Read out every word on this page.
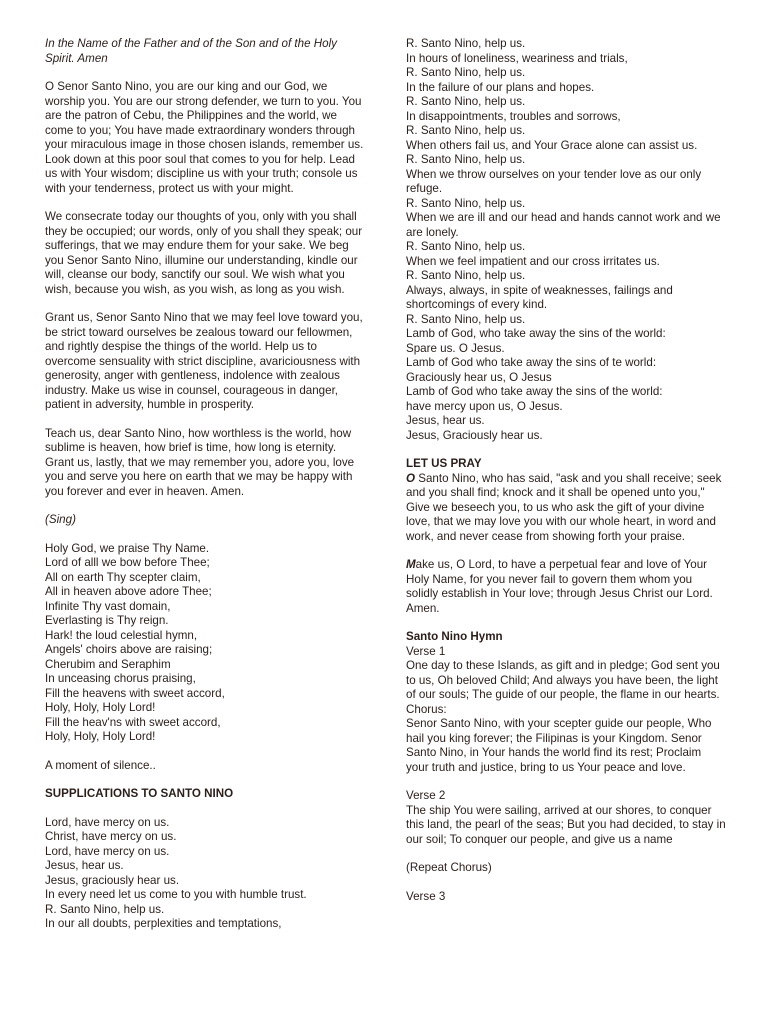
In the Name of the Father and of the Son and of the Holy Spirit. Amen

O Senor Santo Nino, you are our king and our God, we worship you. You are our strong defender, we turn to you. You are the patron of Cebu, the Philippines and the world, we come to you; You have made extraordinary wonders through your miraculous image in those chosen islands, remember us. Look down at this poor soul that comes to you for help. Lead us with Your wisdom; discipline us with your truth; console us with your tenderness, protect us with your might.

We consecrate today our thoughts of you, only with you shall they be occupied; our words, only of you shall they speak; our sufferings, that we may endure them for your sake. We beg you Senor Santo Nino, illumine our understanding, kindle our will, cleanse our body, sanctify our soul. We wish what you wish, because you wish, as you wish, as long as you wish.

Grant us, Senor Santo Nino that we may feel love toward you, be strict toward ourselves be zealous toward our fellowmen, and rightly despise the things of the world. Help us to overcome sensuality with strict discipline, avariciousness with generosity, anger with gentleness, indolence with zealous industry. Make us wise in counsel, courageous in danger, patient in adversity, humble in prosperity.

Teach us, dear Santo Nino, how worthless is the world, how sublime is heaven, how brief is time, how long is eternity. Grant us, lastly, that we may remember you, adore you, love you and serve you here on earth that we may be happy with you forever and ever in heaven. Amen.

(Sing)

Holy God, we praise Thy Name.
Lord of alll we bow before Thee;
All on earth Thy scepter claim,
All in heaven above adore Thee;
Infinite Thy vast domain,
Everlasting is Thy reign.
Hark! the loud celestial hymn,
Angels' choirs above are raising;
Cherubim and Seraphim
In unceasing chorus praising,
Fill the heavens with sweet accord,
Holy, Holy, Holy Lord!
Fill the heav'ns with sweet accord,
Holy, Holy, Holy Lord!

A moment of silence..

SUPPLICATIONS TO SANTO NINO

Lord, have mercy on us.
Christ, have mercy on us.
Lord, have mercy on us.
Jesus, hear us.
Jesus, graciously hear us.
In every need let us come to you with humble trust.
R. Santo Nino, help us.
In our all doubts, perplexities and temptations,
R. Santo Nino, help us.
In hours of loneliness, weariness and trials,
R. Santo Nino, help us.
In the failure of our plans and hopes.
R. Santo Nino, help us.
In disappointments, troubles and sorrows,
R. Santo Nino, help us.
When others fail us, and Your Grace alone can assist us.
R. Santo Nino, help us.
When we throw ourselves on your tender love as our only refuge.
R. Santo Nino, help us.
When we are ill and our head and hands cannot work and we are lonely.
R. Santo Nino, help us.
When we feel impatient and our cross irritates us.
R. Santo Nino, help us.
Always, always, in spite of weaknesses, failings and shortcomings of every kind.
R. Santo Nino, help us.
Lamb of God, who take away the sins of the world:
Spare us. O Jesus.
Lamb of God who take away the sins of te world:
Graciously hear us, O Jesus
Lamb of God who take away the sins of the world:
have mercy upon us, O Jesus.
Jesus, hear us.
Jesus, Graciously hear us.

LET US PRAY

O Santo Nino, who has said, "ask and you shall receive; seek and you shall find; knock and it shall be opened unto you," Give we beseech you, to us who ask the gift of your divine love, that we may love you with our whole heart, in word and work, and never cease from showing forth your praise.

Make us, O Lord, to have a perpetual fear and love of Your Holy Name, for you never fail to govern them whom you solidly establish in Your love; through Jesus Christ our Lord. Amen.

Santo Nino Hymn

Verse 1
One day to these Islands, as gift and in pledge; God sent you to us, Oh beloved Child; And always you have been, the light of our souls; The guide of our people, the flame in our hearts.
Chorus:

Senor Santo Nino, with your scepter guide our people, Who hail you king forever; the Filipinas is your Kingdom. Senor Santo Nino, in Your hands the world find its rest; Proclaim your truth and justice, bring to us Your peace and love.

Verse 2

The ship You were sailing, arrived at our shores, to conquer this land, the pearl of the seas; But you had decided, to stay in our soil; To conquer our people, and give us a name

(Repeat Chorus)

Verse 3
